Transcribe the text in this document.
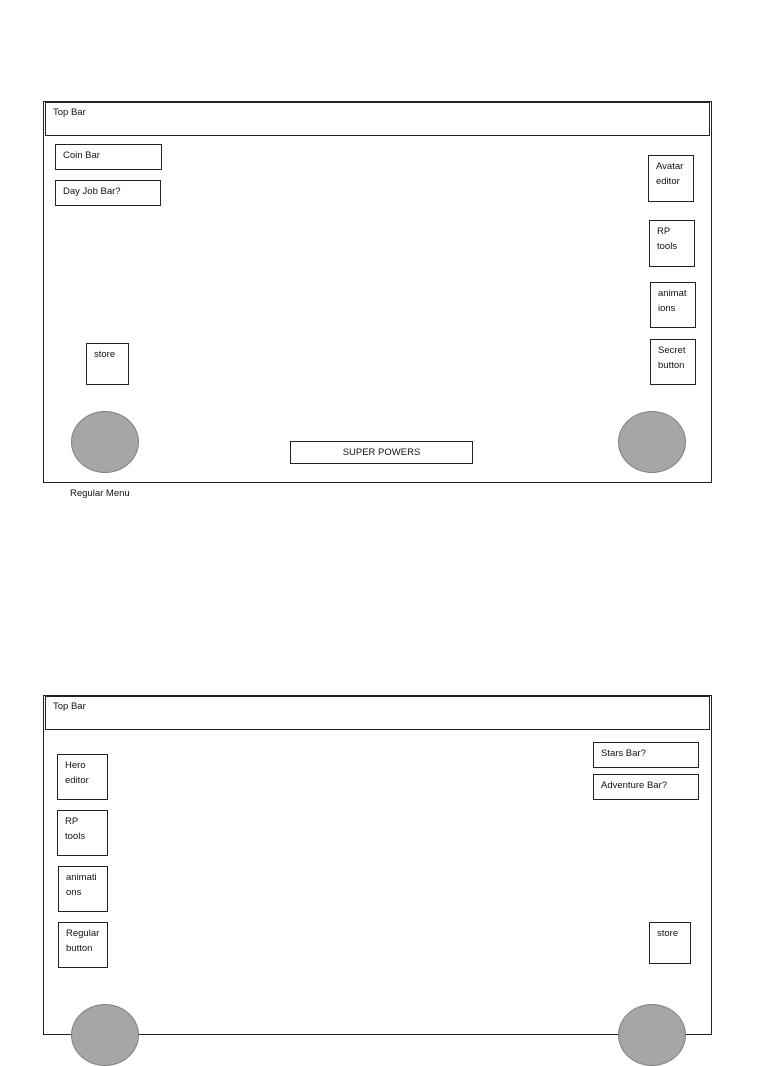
Top Bar
Coin Bar
Day Job Bar?
Avatar
editor
RP
tools
animat
ions
Secret
button
store
SUPER POWERS
Regular Menu
Top Bar
Hero
editor
RP tools
animati
ons
Regular
button
Stars Bar?
Adventure Bar?
store
